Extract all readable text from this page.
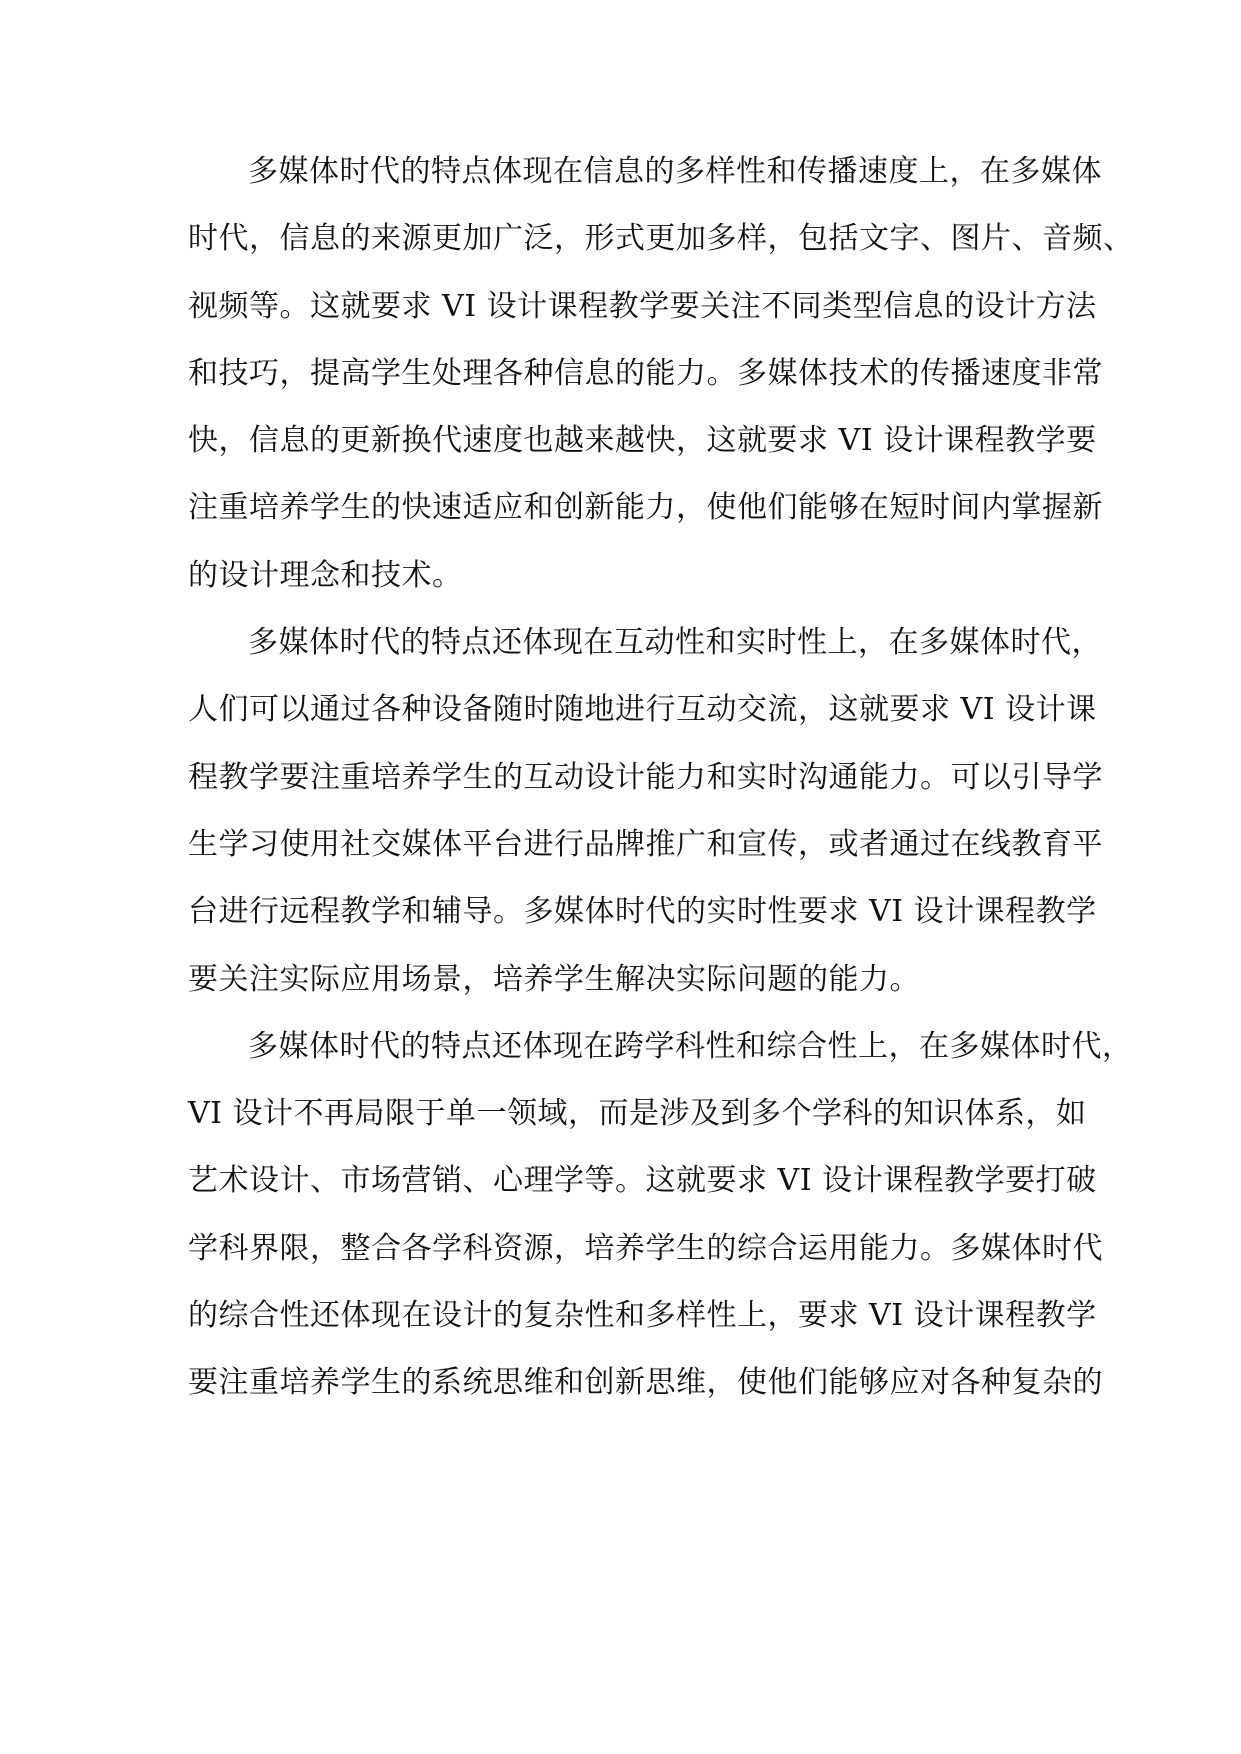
多媒体时代的特点体现在信息的多样性和传播速度上，在多媒体
时代，信息的来源更加广泛，形式更加多样，包括文字、图片、音频、
视频等。这就要求 VI 设计课程教学要关注不同类型信息的设计方法
和技巧，提高学生处理各种信息的能力。多媒体技术的传播速度非常
快，信息的更新换代速度也越来越快，这就要求 VI 设计课程教学要
注重培养学生的快速适应和创新能力，使他们能够在短时间内掌握新
的设计理念和技术。
多媒体时代的特点还体现在互动性和实时性上，在多媒体时代，
人们可以通过各种设备随时随地进行互动交流，这就要求 VI 设计课
程教学要注重培养学生的互动设计能力和实时沟通能力。可以引导学
生学习使用社交媒体平台进行品牌推广和宣传，或者通过在线教育平
台进行远程教学和辅导。多媒体时代的实时性要求 VI 设计课程教学
要关注实际应用场景，培养学生解决实际问题的能力。
多媒体时代的特点还体现在跨学科性和综合性上，在多媒体时代，
VI 设计不再局限于单一领域，而是涉及到多个学科的知识体系，如
艺术设计、市场营销、心理学等。这就要求 VI 设计课程教学要打破
学科界限，整合各学科资源，培养学生的综合运用能力。多媒体时代
的综合性还体现在设计的复杂性和多样性上，要求 VI 设计课程教学
要注重培养学生的系统思维和创新思维，使他们能够应对各种复杂的
